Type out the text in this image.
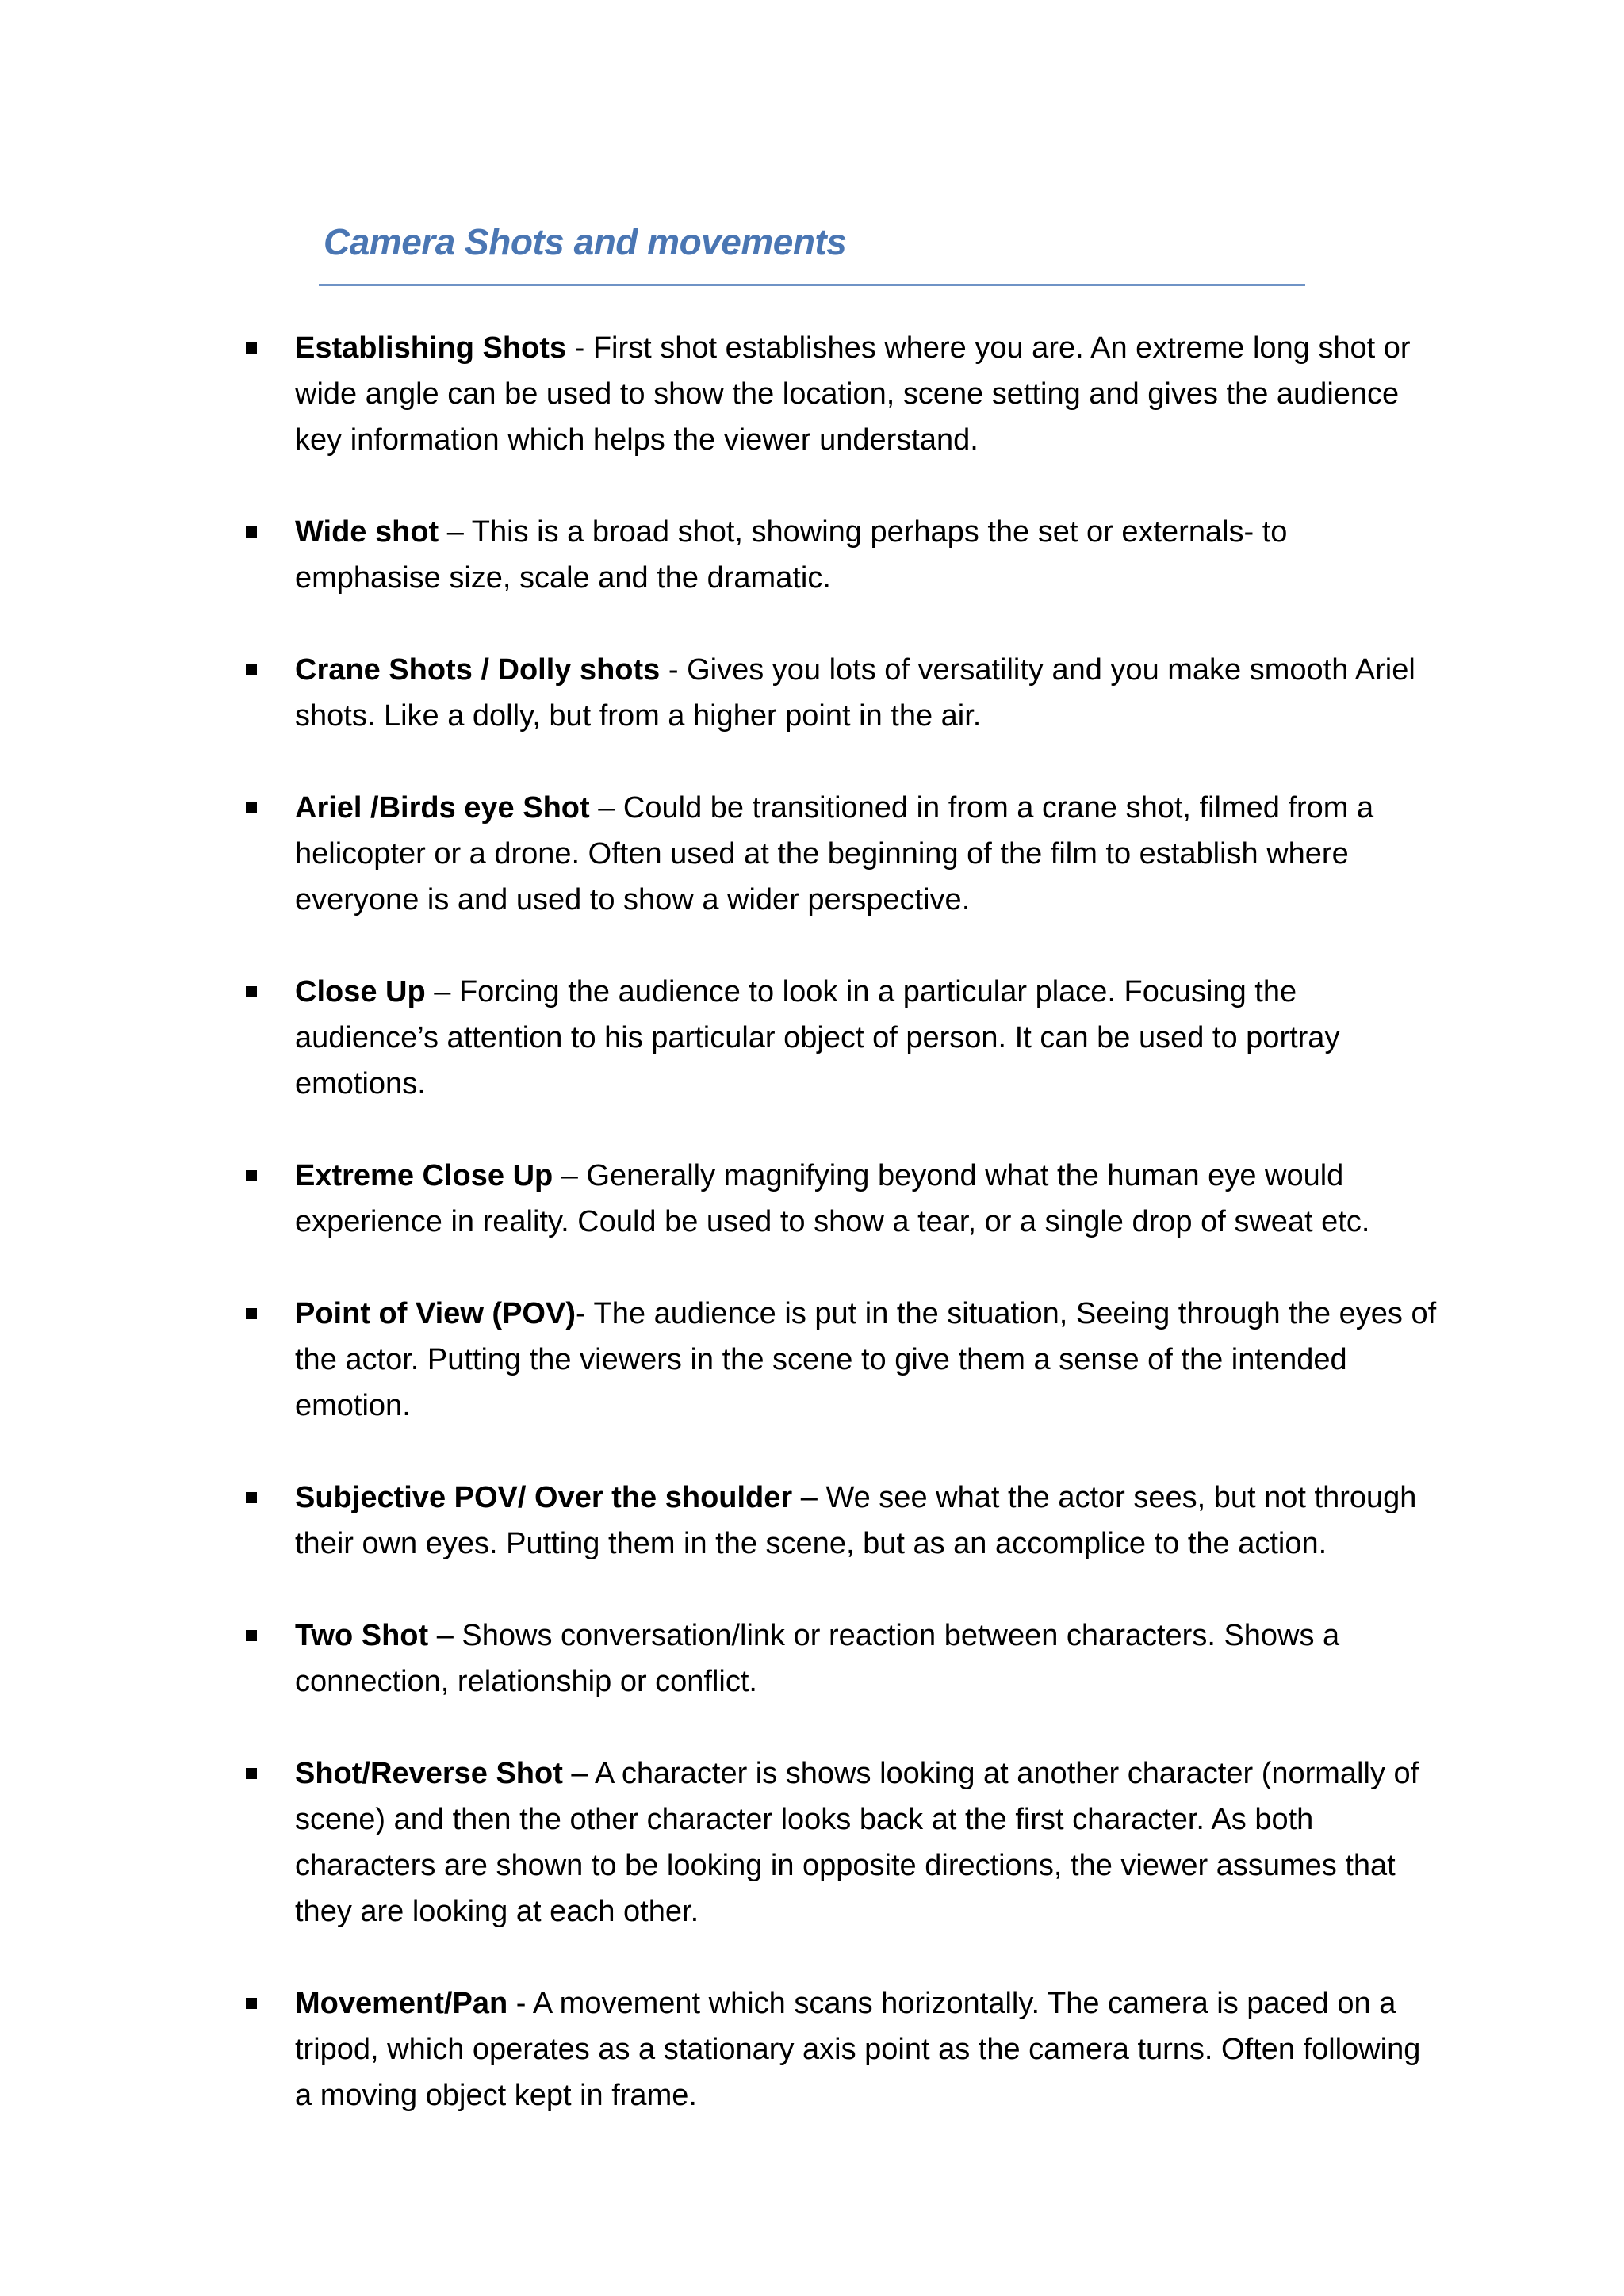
Camera Shots and movements
Establishing Shots - First shot establishes where you are. An extreme long shot or wide angle can be used to show the location, scene setting and gives the audience key information which helps the viewer understand.
Wide shot – This is a broad shot, showing perhaps the set or externals- to emphasise size, scale and the dramatic.
Crane Shots / Dolly shots - Gives you lots of versatility and you make smooth Ariel shots. Like a dolly, but from a higher point in the air.
Ariel /Birds eye Shot – Could be transitioned in from a crane shot, filmed from a helicopter or a drone. Often used at the beginning of the film to establish where everyone is and used to show a wider perspective.
Close Up – Forcing the audience to look in a particular place. Focusing the audience’s attention to his particular object of person. It can be used to portray emotions.
Extreme Close Up – Generally magnifying beyond what the human eye would experience in reality. Could be used to show a tear, or a single drop of sweat etc.
Point of View (POV)- The audience is put in the situation, Seeing through the eyes of the actor. Putting the viewers in the scene to give them a sense of the intended emotion.
Subjective POV/ Over the shoulder – We see what the actor sees, but not through their own eyes. Putting them in the scene, but as an accomplice to the action.
Two Shot – Shows conversation/link or reaction between characters. Shows a connection, relationship or conflict.
Shot/Reverse Shot – A character is shows looking at another character (normally of scene) and then the other character looks back at the first character. As both characters are shown to be looking in opposite directions, the viewer assumes that they are looking at each other.
Movement/Pan - A movement which scans horizontally. The camera is paced on a tripod, which operates as a stationary axis point as the camera turns. Often following a moving object kept in frame.
